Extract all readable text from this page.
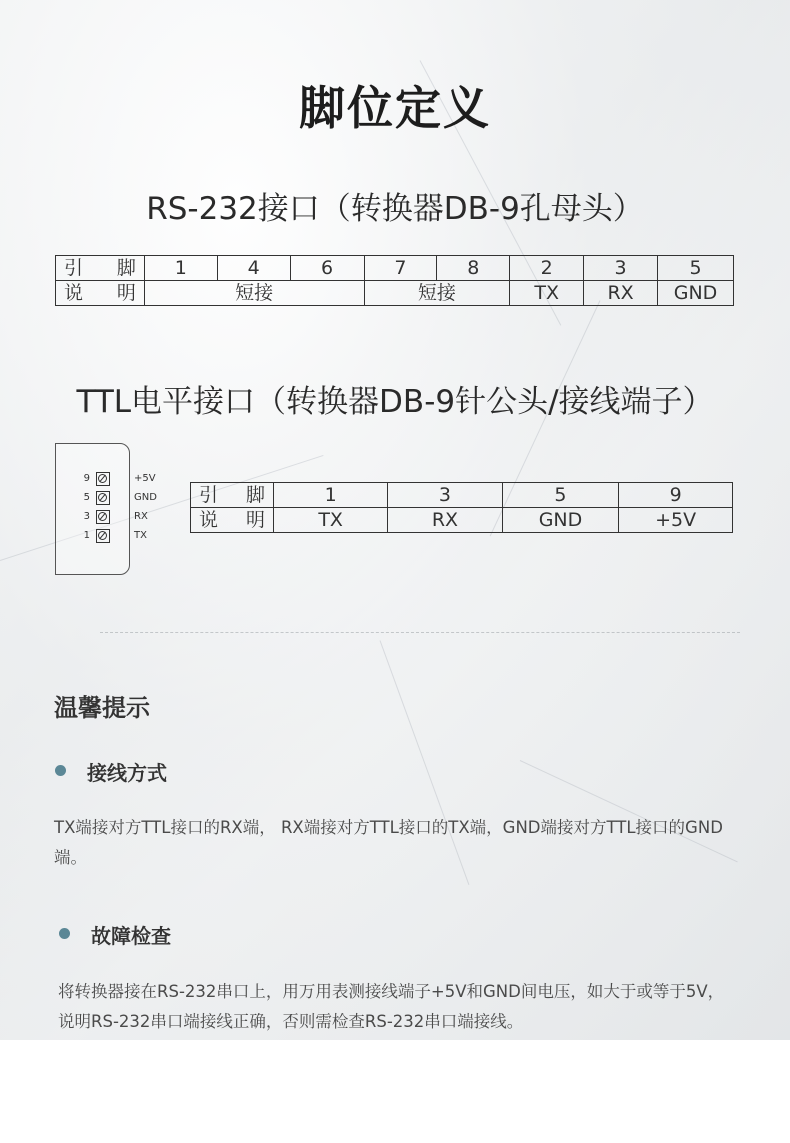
脚位定义
RS-232接口（转换器DB-9孔母头）
引 脚	1	4	6	7	8	2	3	5

说 明	短接			短接		TX	RX	GND
TTL电平接口（转换器DB-9针公头/接线端子）
9	+5V
5	GND
3	RX
1	TX
引 脚	1	3	5	9

说 明	TX	RX	GND	+5V
温馨提示
接线方式
TX端接对方TTL接口的RX端， RX端接对方TTL接口的TX端，GND端接对方TTL接口的GND端。
故障检查
将转换器接在RS-232串口上，用万用表测接线端子+5V和GND间电压，如大于或等于5V，说明RS-232串口端接线正确，否则需检查RS-232串口端接线。
